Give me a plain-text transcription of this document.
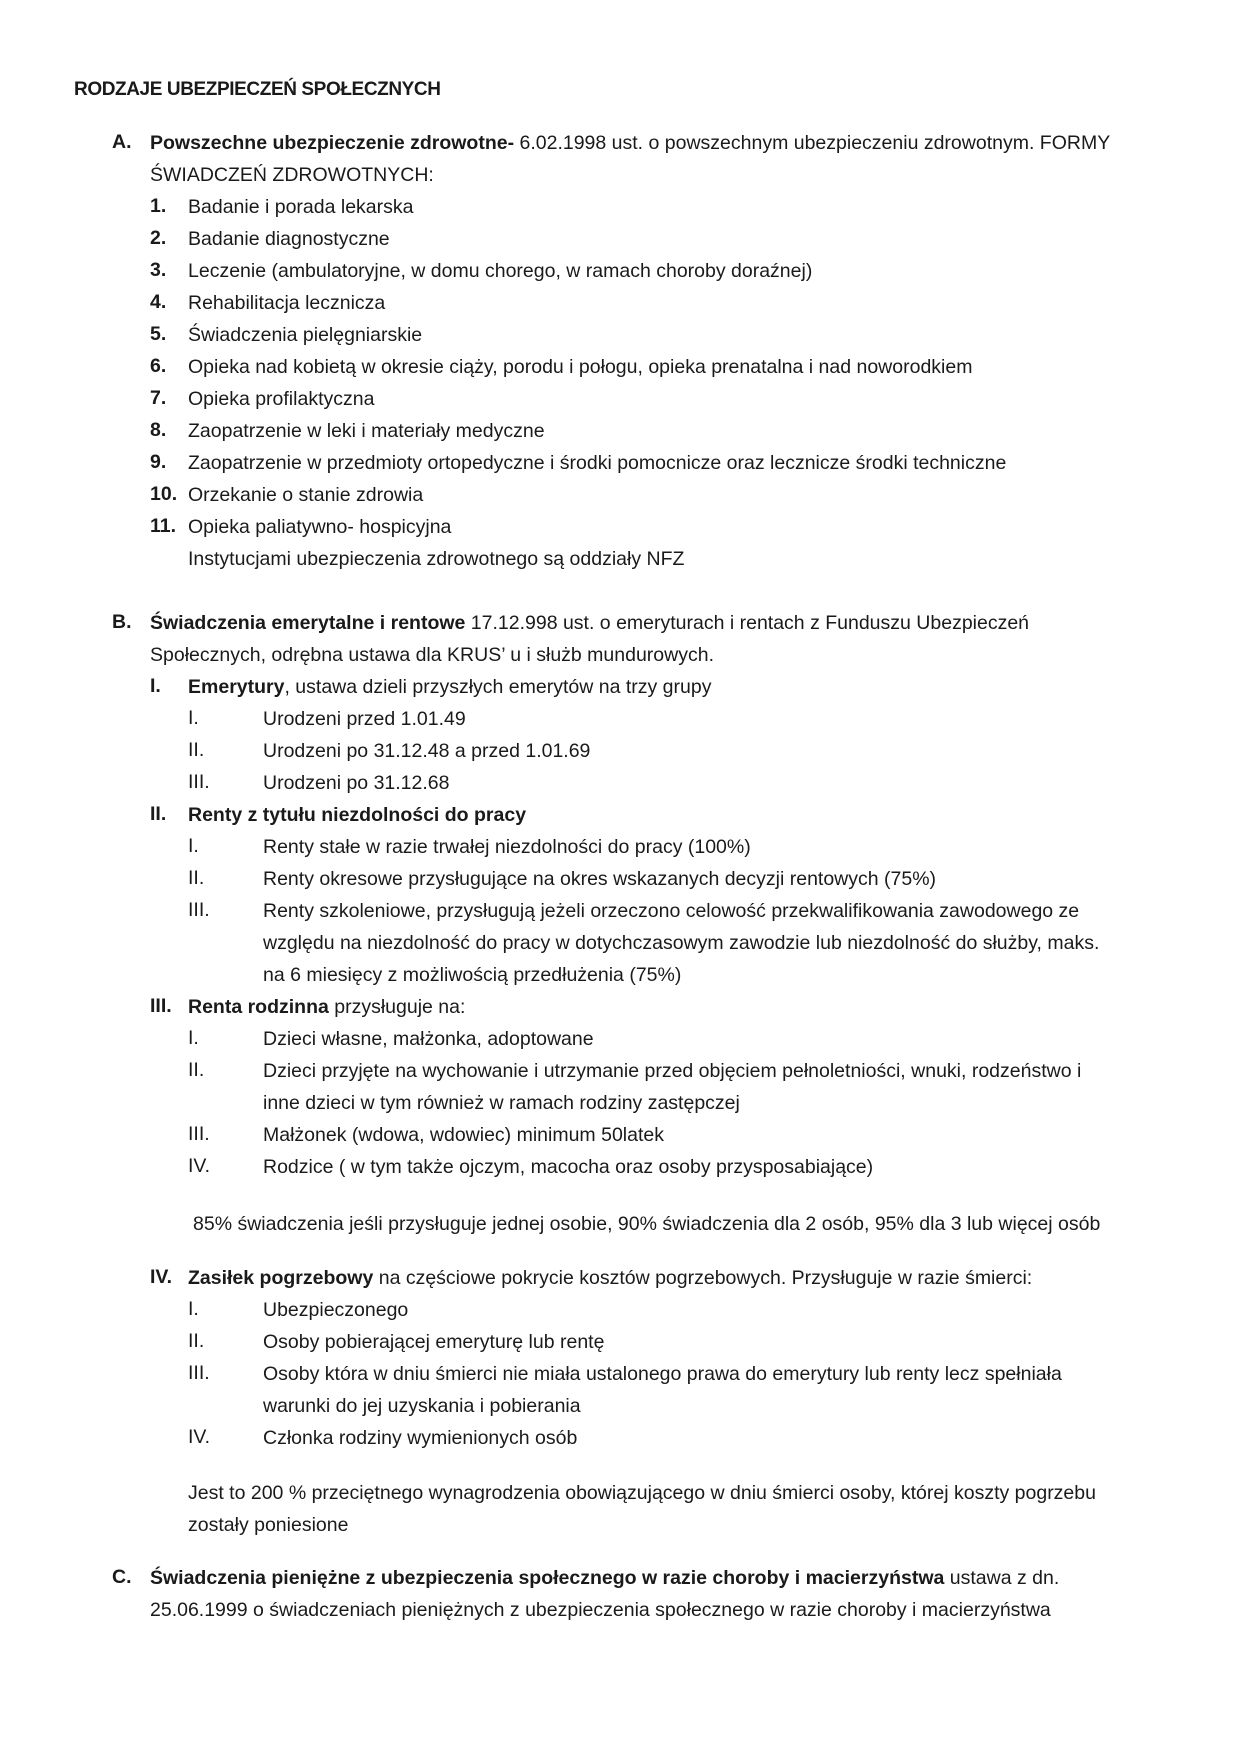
RODZAJE UBEZPIECZEŃ SPOŁECZNYCH
A. Powszechne ubezpieczenie zdrowotne- 6.02.1998 ust. o powszechnym ubezpieczeniu zdrowotnym. FORMY
ŚWIADCZEŃ ZDROWOTNYCH:
1. Badanie i porada lekarska
2. Badanie diagnostyczne
3. Leczenie (ambulatoryjne, w domu chorego, w ramach choroby doraźnej)
4. Rehabilitacja lecznicza
5. Świadczenia pielęgniarskie
6. Opieka nad kobietą w okresie ciąży, porodu i połogu, opieka prenatalna i nad noworodkiem
7. Opieka profilaktyczna
8. Zaopatrzenie w leki i materiały medyczne
9. Zaopatrzenie w przedmioty ortopedyczne i środki pomocnicze oraz lecznicze środki techniczne
10. Orzekanie o stanie zdrowia
11. Opieka paliatywno- hospicyjna
Instytucjami ubezpieczenia zdrowotnego są oddziały NFZ
B. Świadczenia emerytalne i rentowe 17.12.998 ust. o emeryturach i rentach z Funduszu Ubezpieczeń
Społecznych, odrębna ustawa dla KRUS’ u i służb mundurowych.
I. Emerytury, ustawa dzieli przyszłych emerytów na trzy grupy
I.	Urodzeni przed 1.01.49
II.	Urodzeni po 31.12.48 a przed 1.01.69
III.	Urodzeni po 31.12.68
II. Renty z tytułu niezdolności do pracy
I.	Renty stałe w razie trwałej niezdolności do pracy (100%)
II.	Renty okresowe przysługujące na okres wskazanych decyzji rentowych (75%)
III.	Renty szkoleniowe, przysługują jeżeli orzeczono celowość przekwalifikowania zawodowego ze
względu na niezdolność do pracy w dotychczasowym zawodzie lub niezdolność do służby, maks.
na 6 miesięcy z możliwością przedłużenia (75%)
III. Renta rodzinna przysługuje na:
I.	Dzieci własne, małżonka, adoptowane
II.	Dzieci przyjęte na wychowanie i utrzymanie przed objęciem pełnoletniości, wnuki, rodzeństwo i
inne dzieci w tym również w ramach rodziny zastępczej
III.	Małżonek (wdowa, wdowiec) minimum 50latek
IV.	Rodzice ( w tym także ojczym, macocha oraz osoby przysposabiające)
85% świadczenia jeśli przysługuje jednej osobie, 90% świadczenia dla 2 osób, 95% dla 3 lub więcej osób
IV. Zasiłek pogrzebowy na częściowe pokrycie kosztów pogrzebowych. Przysługuje w razie śmierci:
I.	Ubezpieczonego
II.	Osoby pobierającej emeryturę lub rentę
III.	Osoby która w dniu śmierci nie miała ustalonego prawa do emerytury lub renty lecz spełniała
warunki do jej uzyskania i pobierania
IV.	Członka rodziny wymienionych osób
Jest to 200 % przeciętnego wynagrodzenia obowiązującego w dniu śmierci osoby, której koszty pogrzebu
zostały poniesione
C. Świadczenia pieniężne z ubezpieczenia społecznego w razie choroby i macierzyństwa ustawa z dn.
25.06.1999 o świadczeniach pieniężnych z ubezpieczenia społecznego w razie choroby i macierzyństwa
